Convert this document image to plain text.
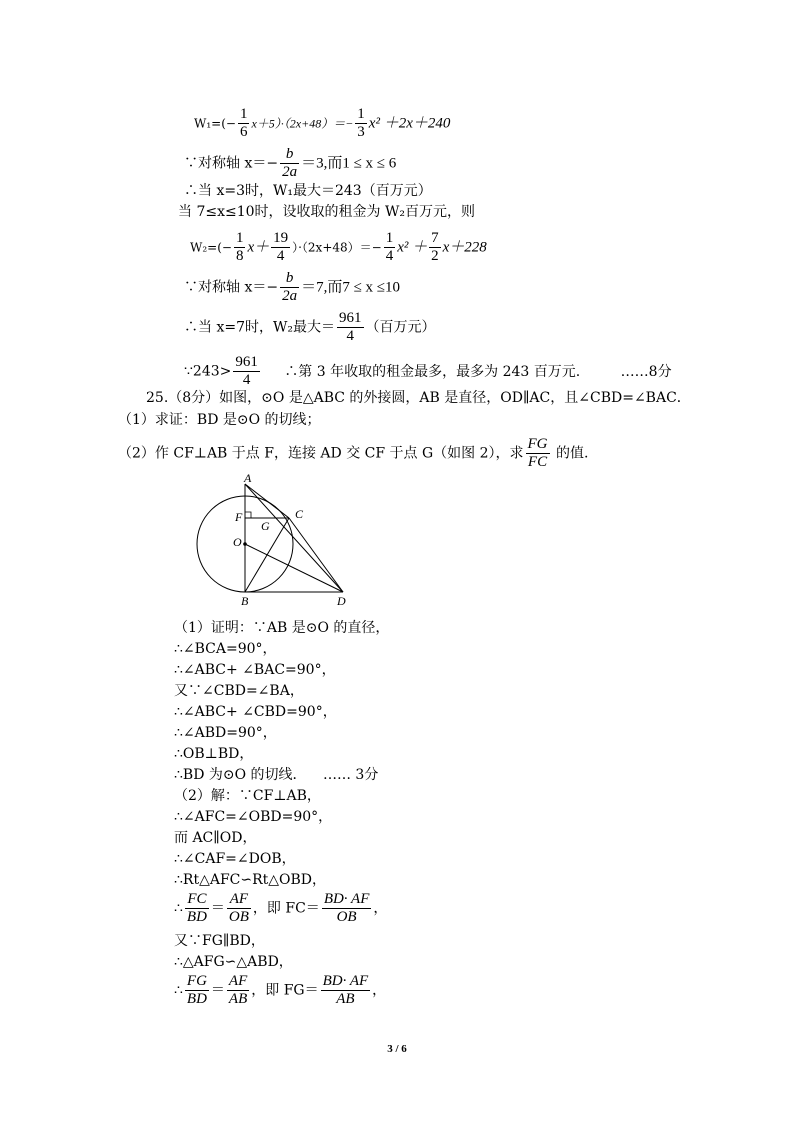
$W_1=(- \frac{1}{6} x+5)\cdot(2x+48)=- \frac{1}{3} x^2 +2x+240$
∵对称轴 $x=- \frac{b}{2a} =3$,而1 ≤ x ≤ 6
∴当 x=3时，W₁最大＝243（百万元）
当 7≤x≤10时，设收取的租金为 W₂百万元，则
$W_2=(- \frac{1}{8} x+ \frac{19}{4} )\cdot(2x+48)=- \frac{1}{4} x^2 + \frac{7}{2} x+228$
∵对称轴 $x=- \frac{b}{2a} =7$,而7 ≤ x ≤10
∴当 x=7时，W₂最大＝ $\frac{961}{4}$ （百万元）
∵243> $\frac{961}{4}$ ∴第 3 年收取的租金最多，最多为 243 百万元.	……8分
25.（8分）如图，⊙O 是△ABC 的外接圆，AB 是直径，OD∥AC，且∠CBD=∠BAC．
（1）求证：BD 是⊙O 的切线；
（2）作 CF⊥AB 于点 F，连接 AD 交 CF 于点 G（如图 2），求 $\frac{FG}{FC}$ 的值.
A
F
G
C
O
B	D
（1）证明：∵AB 是⊙O 的直径，
∴∠BCA=90°，
∴∠ABC+ ∠BAC=90°，
又∵∠CBD=∠BA，
∴∠ABC+ ∠CBD=90°，
∴∠ABD=90°，
∴OB⊥BD，
∴BD 为⊙O 的切线． …… 3分
（2）解：∵CF⊥AB，
∴∠AFC=∠OBD=90°，
而 AC∥OD，
∴∠CAF=∠DOB，
∴Rt△AFC∽Rt△OBD，
∴ $\frac{FC}{BD} = \frac{AF}{OB}$ ，即 $FC= \frac{BD\cdot AF}{OB}$ ，
又∵FG∥BD，
∴△AFG∽△ABD，
∴ $\frac{FG}{BD} = \frac{AF}{AB}$ ，即 $FG= \frac{BD\cdot AF}{AB}$ ，
3 / 6
